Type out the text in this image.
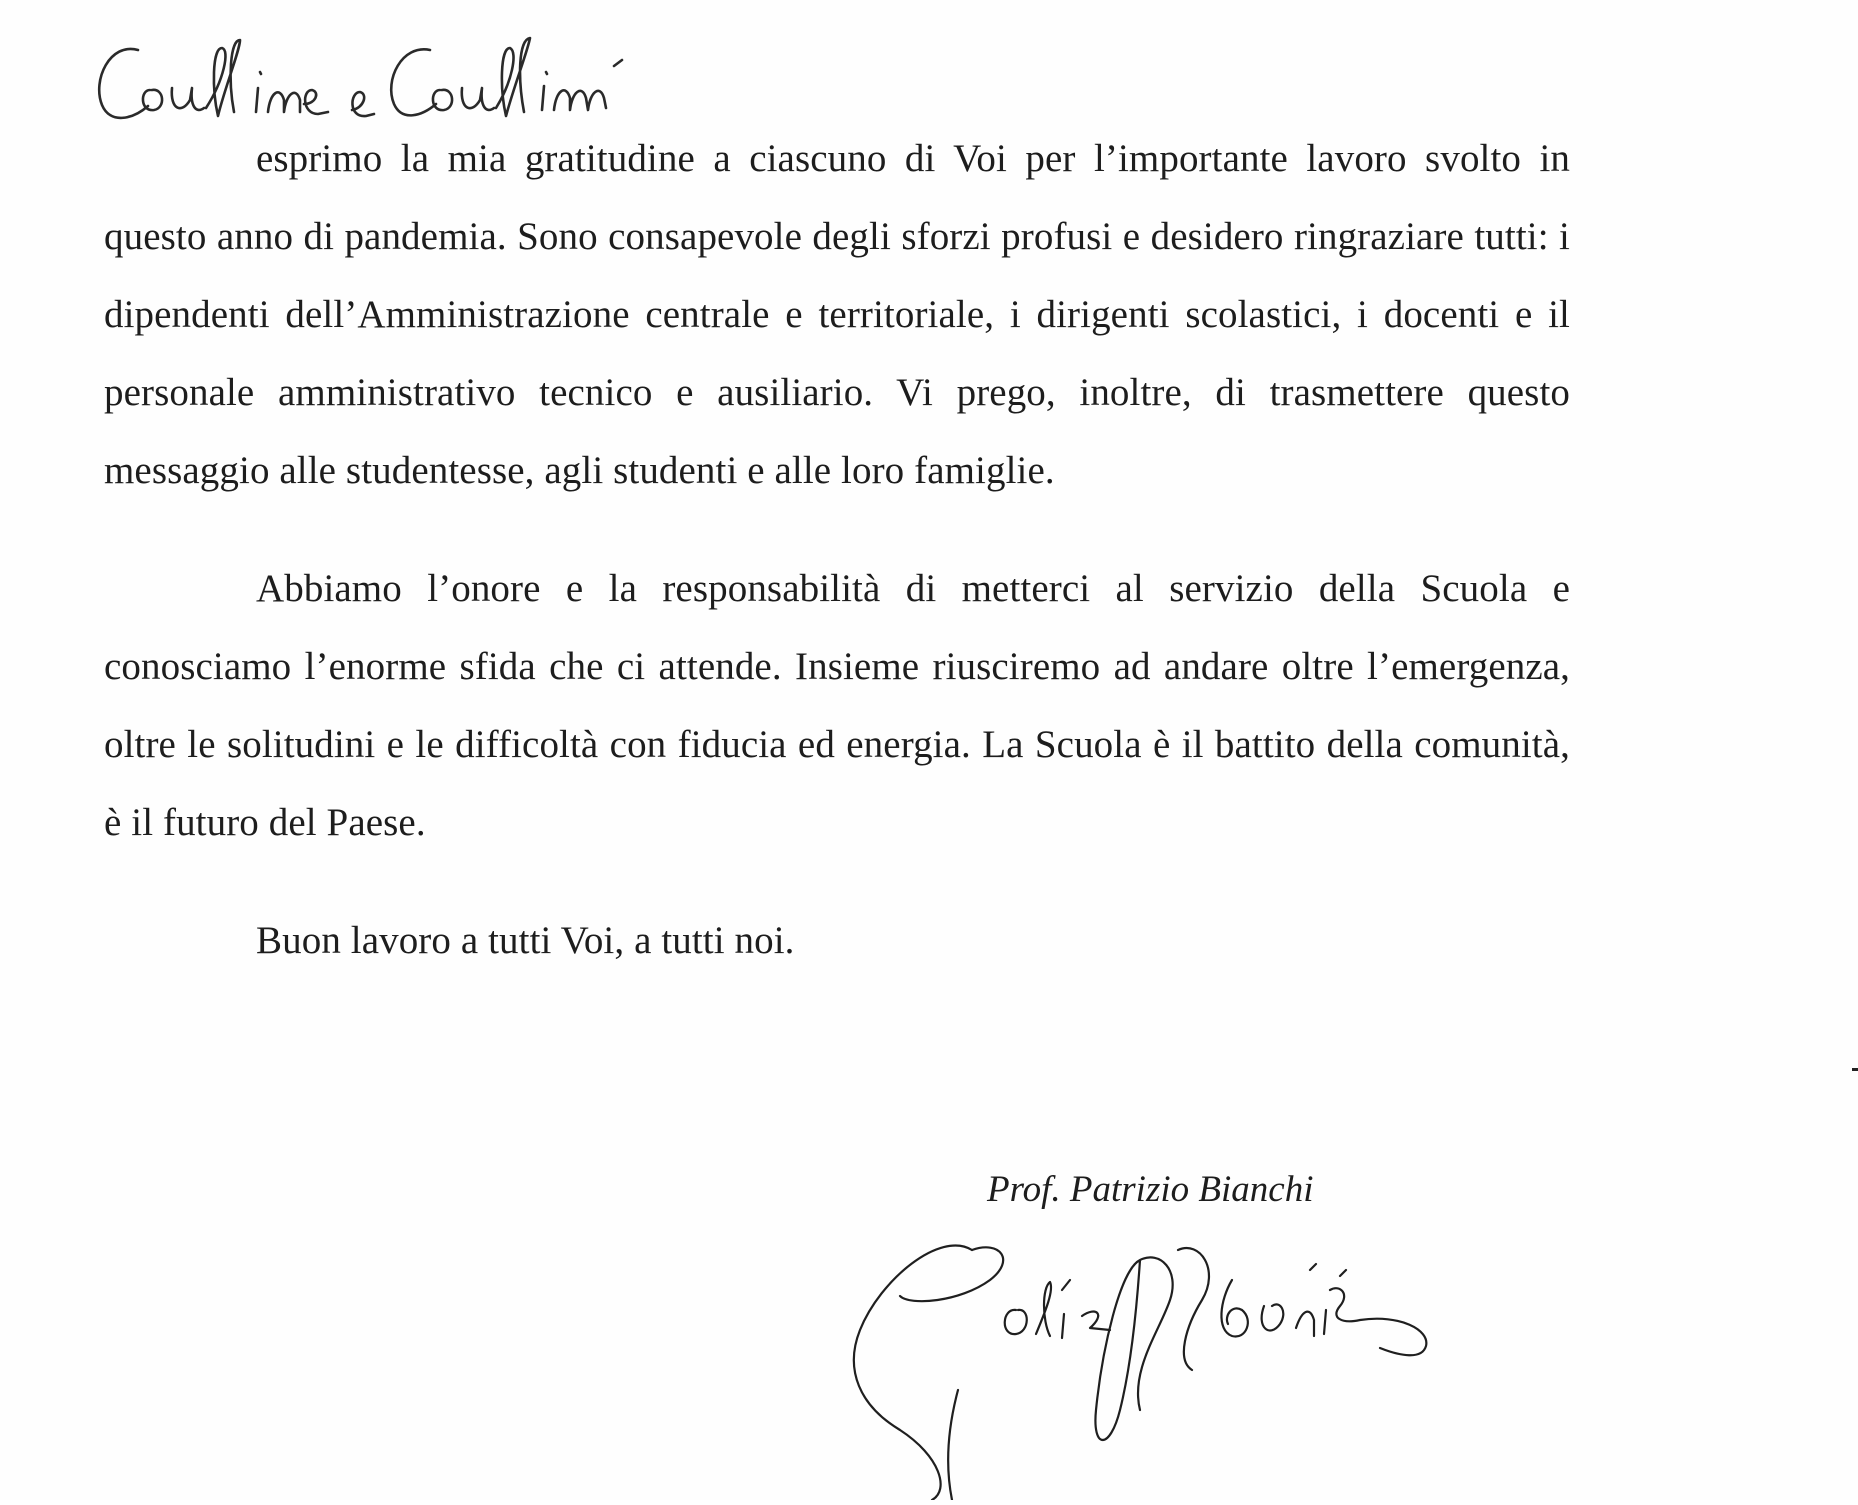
esprimo la mia gratitudine a ciascuno di Voi per l’importante lavoro svolto in questo anno di pandemia. Sono consapevole degli sforzi profusi e desidero ringraziare tutti: i dipendenti dell’Amministrazione centrale e territoriale, i dirigenti scolastici, i docenti e il personale amministrativo tecnico e ausiliario. Vi prego, inoltre, di trasmettere questo messaggio alle studentesse, agli studenti e alle loro famiglie.

Abbiamo l’onore e la responsabilità di metterci al servizio della Scuola e conosciamo l’enorme sfida che ci attende. Insieme riusciremo ad andare oltre l’emergenza, oltre le solitudini e le difficoltà con fiducia ed energia. La Scuola è il battito della comunità, è il futuro del Paese.

Buon lavoro a tutti Voi, a tutti noi.

Prof. Patrizio Bianchi
